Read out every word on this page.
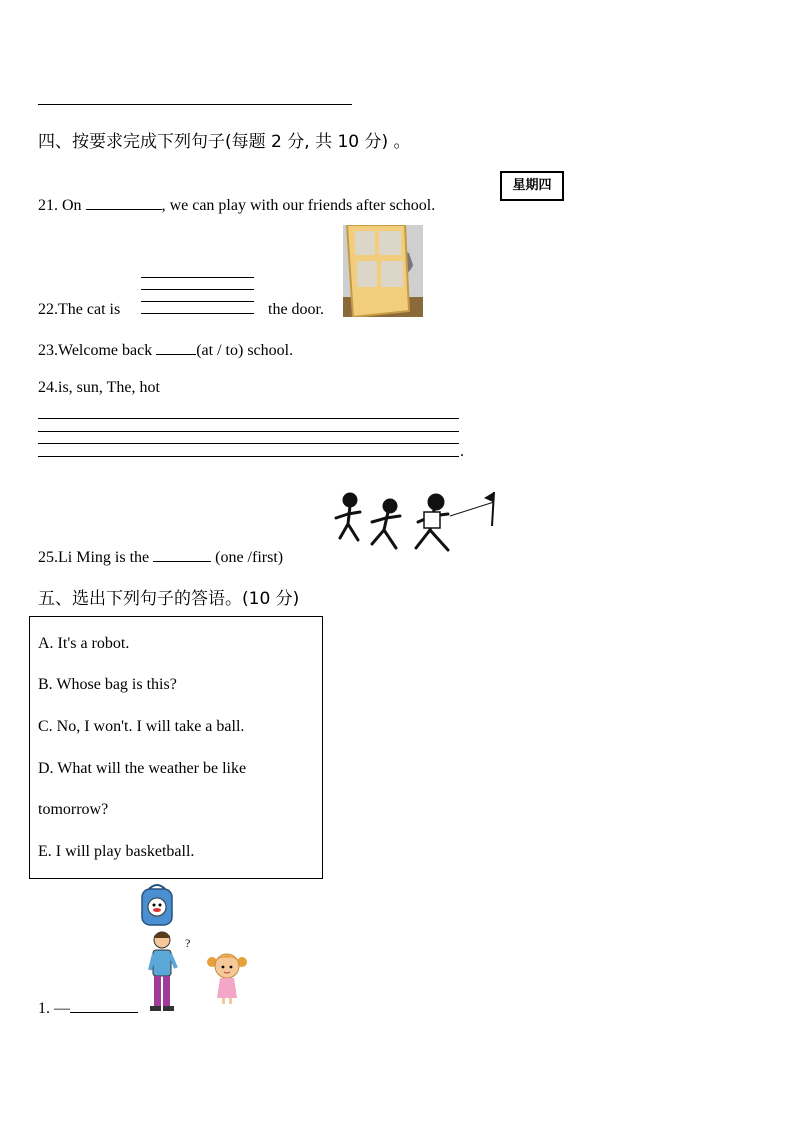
四、按要求完成下列句子(每题 2 分, 共 10 分) 。
21. On	, we can play with our friends after school.
星期四
22.The cat is	the door.
23.Welcome back	(at / to) school.
24.is, sun, The, hot
.
25.Li Ming is the	(one /first)
五、选出下列句子的答语。(10 分)
A. It's a robot.
B. Whose bag is this?
C. No, I won't. I will take a ball.
D. What will the weather be like
tomorrow?
E. I will play basketball.
?
1. —
